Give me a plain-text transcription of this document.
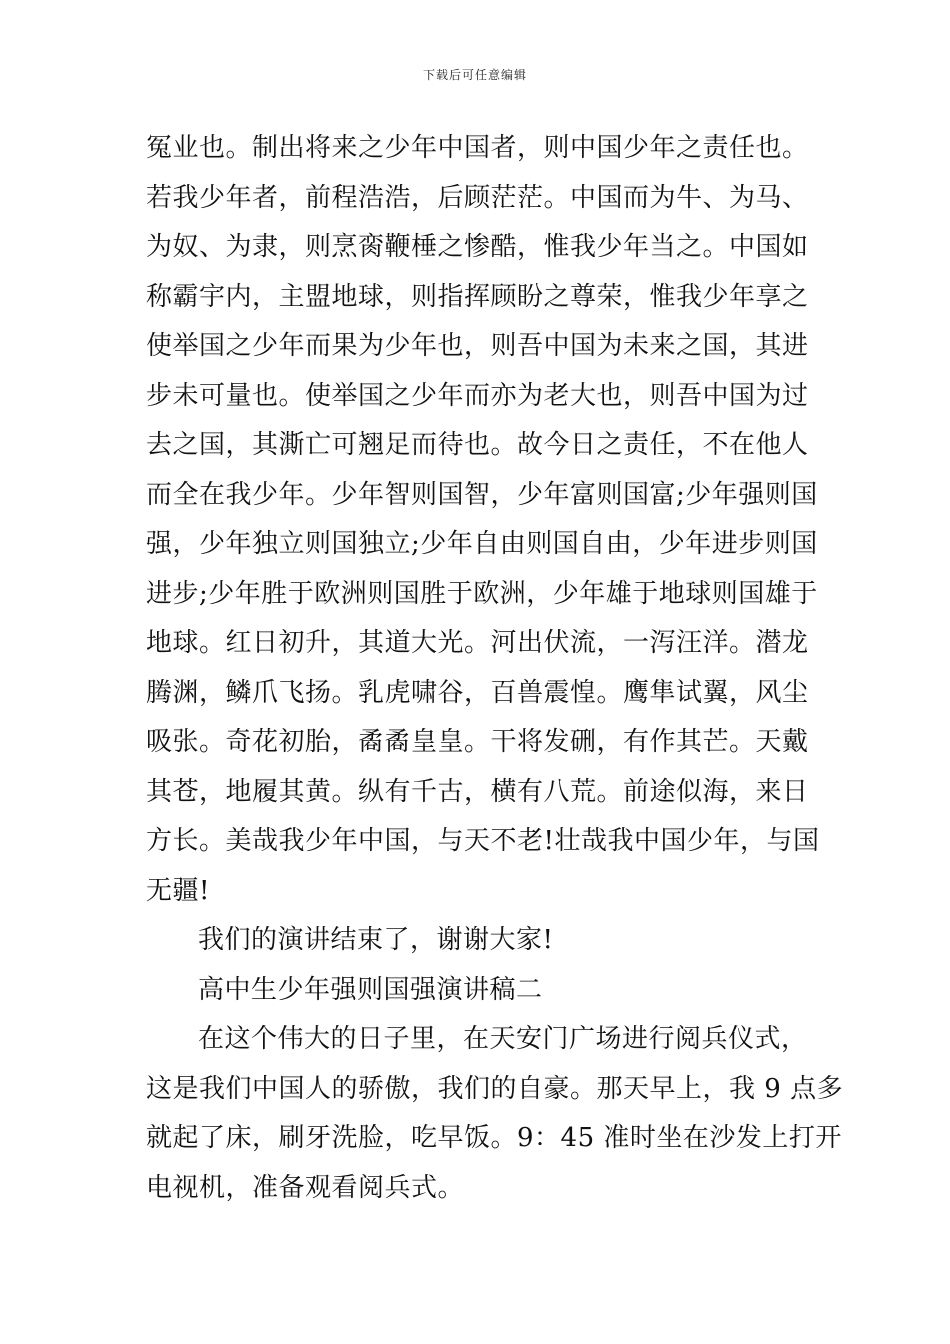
下载后可任意编辑
冤业也。制出将来之少年中国者，则中国少年之责任也。
若我少年者，前程浩浩，后顾茫茫。中国而为牛、为马、
为奴、为隶，则烹脔鞭棰之惨酷，惟我少年当之。中国如
称霸宇内，主盟地球，则指挥顾盼之尊荣，惟我少年享之
使举国之少年而果为少年也，则吾中国为未来之国，其进
步未可量也。使举国之少年而亦为老大也，则吾中国为过
去之国，其澌亡可翘足而待也。故今日之责任，不在他人
而全在我少年。少年智则国智，少年富则国富;少年强则国
强，少年独立则国独立;少年自由则国自由，少年进步则国
进步;少年胜于欧洲则国胜于欧洲，少年雄于地球则国雄于
地球。红日初升，其道大光。河出伏流，一泻汪洋。潜龙
腾渊，鳞爪飞扬。乳虎啸谷，百兽震惶。鹰隼试翼，风尘
吸张。奇花初胎，矞矞皇皇。干将发硎，有作其芒。天戴
其苍，地履其黄。纵有千古，横有八荒。前途似海，来日
方长。美哉我少年中国，与天不老!壮哉我中国少年，与国
无疆!
我们的演讲结束了，谢谢大家!
高中生少年强则国强演讲稿二
在这个伟大的日子里，在天安门广场进行阅兵仪式，
这是我们中国人的骄傲，我们的自豪。那天早上，我 9 点多
就起了床，刷牙洗脸，吃早饭。9：45 准时坐在沙发上打开
电视机，准备观看阅兵式。
